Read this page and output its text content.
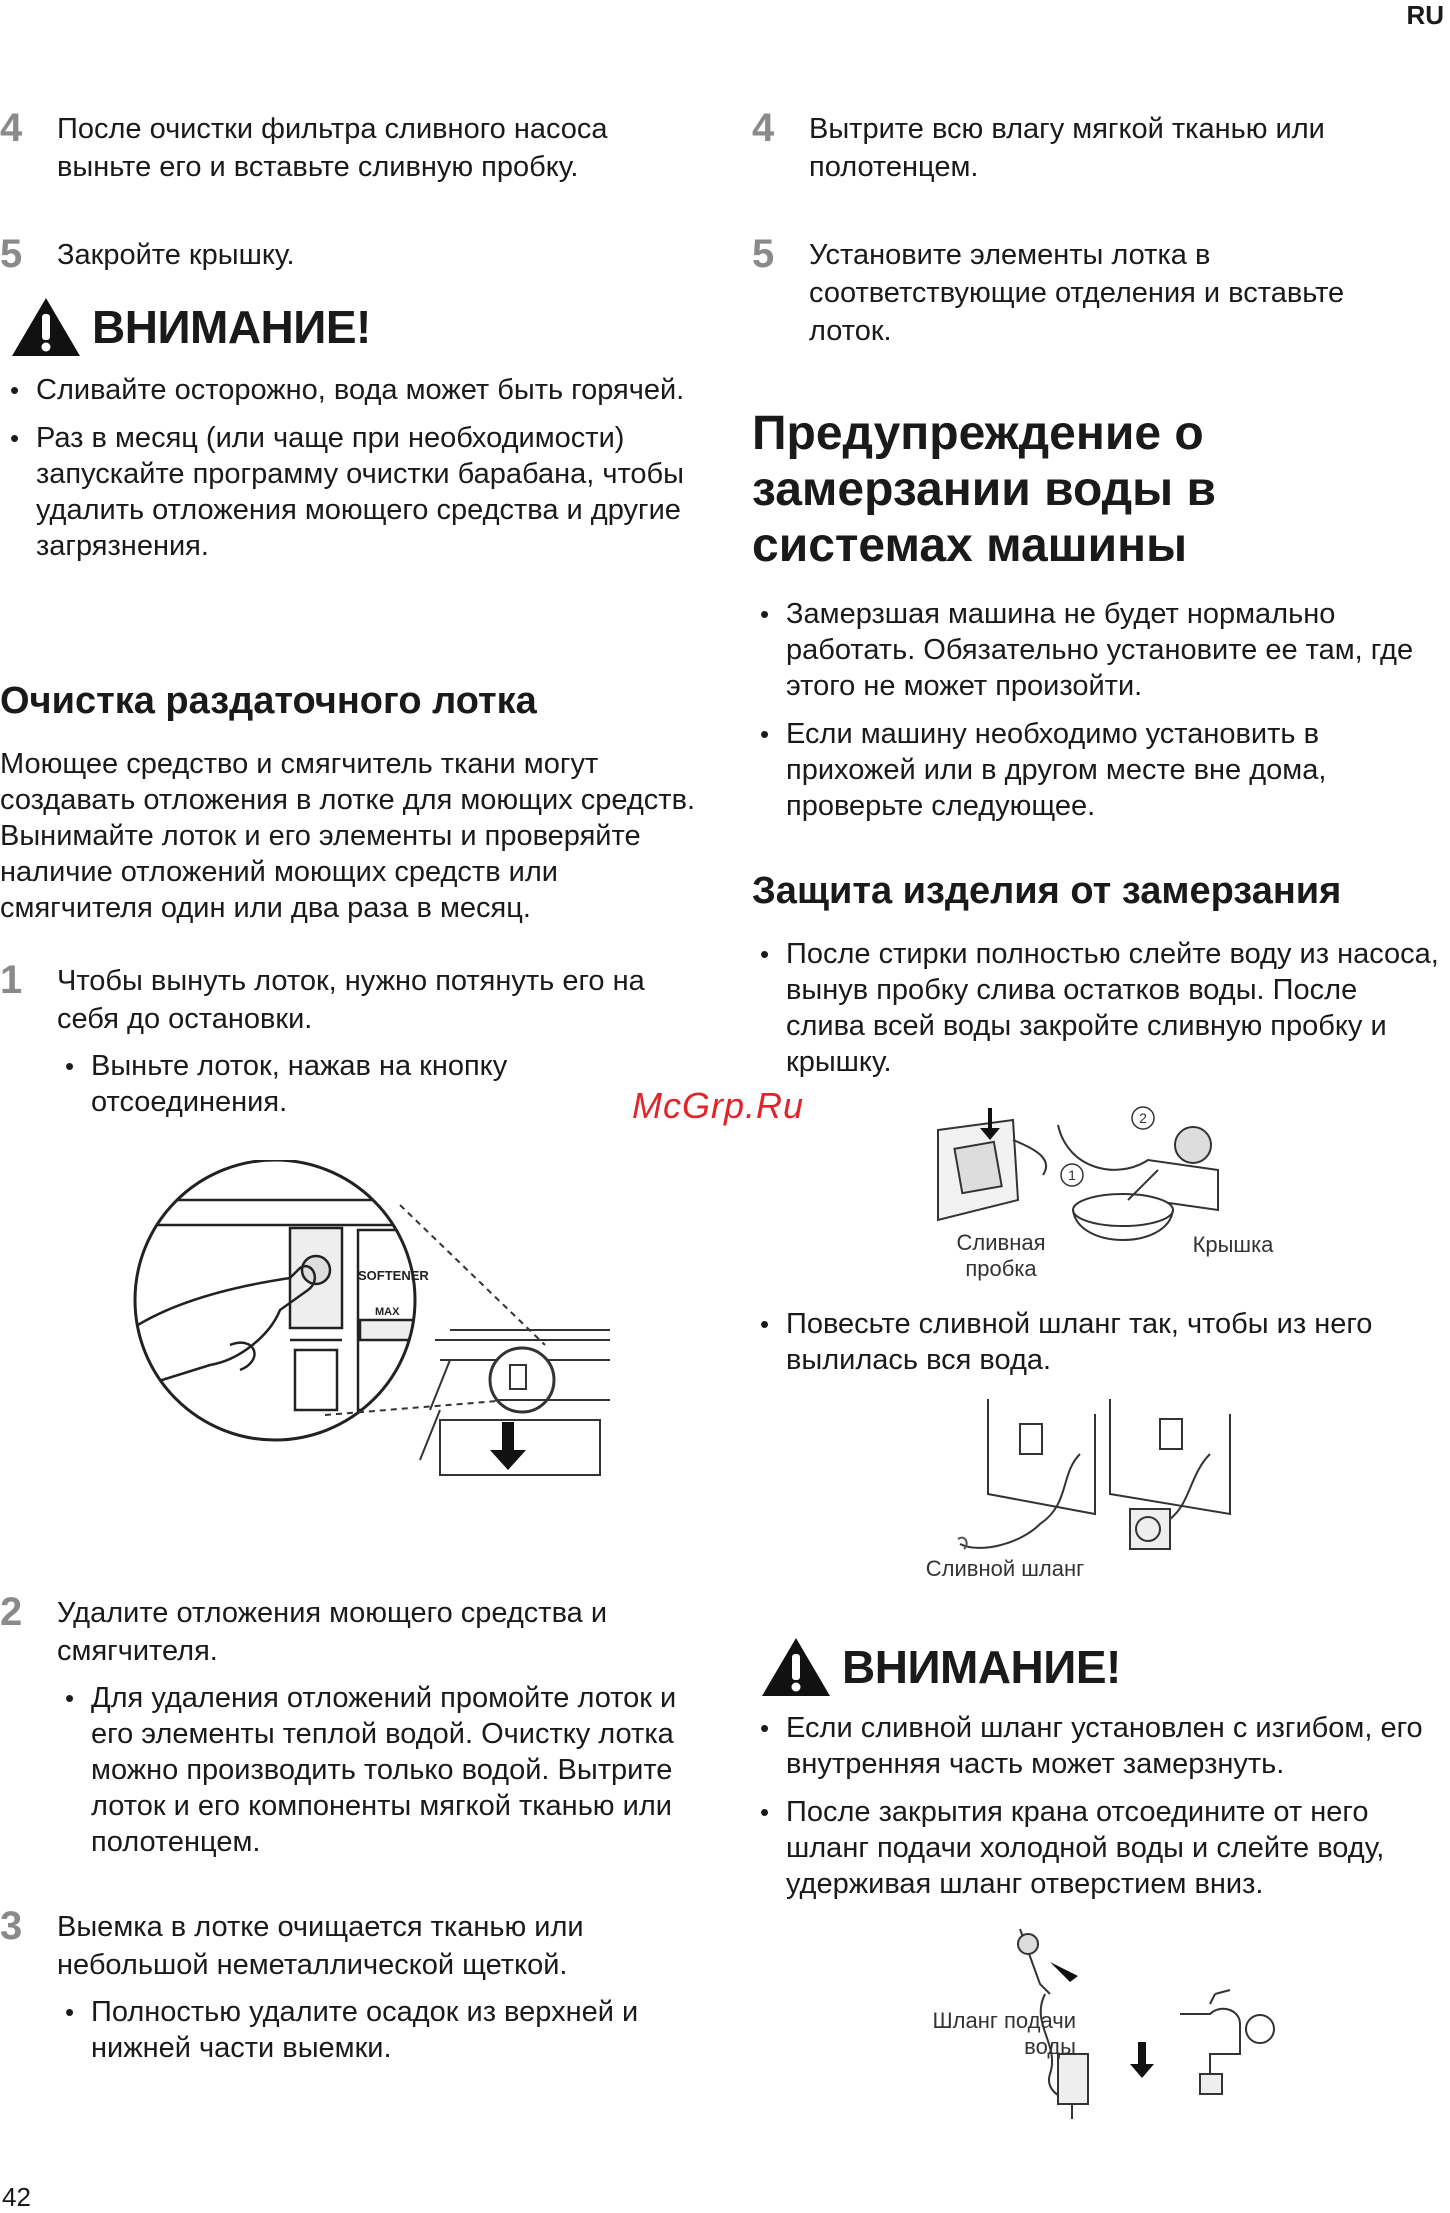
RU
42
McGrp.Ru
4 После очистки фильтра сливного насоса выньте его и вставьте сливную пробку.
5 Закройте крышку.
ВНИМАНИЕ!
• Сливайте осторожно, вода может быть горячей.
• Раз в месяц (или чаще при необходимости) запускайте программу очистки барабана, чтобы удалить отложения моющего средства и другие загрязнения.
Очистка раздаточного лотка
Моющее средство и смягчитель ткани могут создавать отложения в лотке для моющих средств. Вынимайте лоток и его элементы и проверяйте наличие отложений моющих средств или смягчителя один или два раза в месяц.
1 Чтобы вынуть лоток, нужно потянуть его на себя до остановки.
• Выньте лоток, нажав на кнопку отсоединения.
SOFTENER
MAX
2 Удалите отложения моющего средства и смягчителя.
• Для удаления отложений промойте лоток и его элементы теплой водой. Очистку лотка можно производить только водой. Вытрите лоток и его компоненты мягкой тканью или полотенцем.
3 Выемка в лотке очищается тканью или небольшой неметаллической щеткой.
• Полностью удалите осадок из верхней и нижней части выемки.
4 Вытрите всю влагу мягкой тканью или полотенцем.
5 Установите элементы лотка в соответствующие отделения и вставьте лоток.
Предупреждение о замерзании воды в системах машины
• Замерзшая машина не будет нормально работать. Обязательно установите ее там, где этого не может произойти.
• Если машину необходимо установить в прихожей или в другом месте вне дома, проверьте следующее.
Защита изделия от замерзания
• После стирки полностью слейте воду из насоса, вынув пробку слива остатков воды. После слива всей воды закройте сливную пробку и крышку.
1
2
Сливная пробка
Крышка
• Повесьте сливной шланг так, чтобы из него вылилась вся вода.
Сливной шланг
ВНИМАНИЕ!
• Если сливной шланг установлен с изгибом, его внутренняя часть может замерзнуть.
• После закрытия крана отсоедините от него шланг подачи холодной воды и слейте воду, удерживая шланг отверстием вниз.
Шланг подачи воды
